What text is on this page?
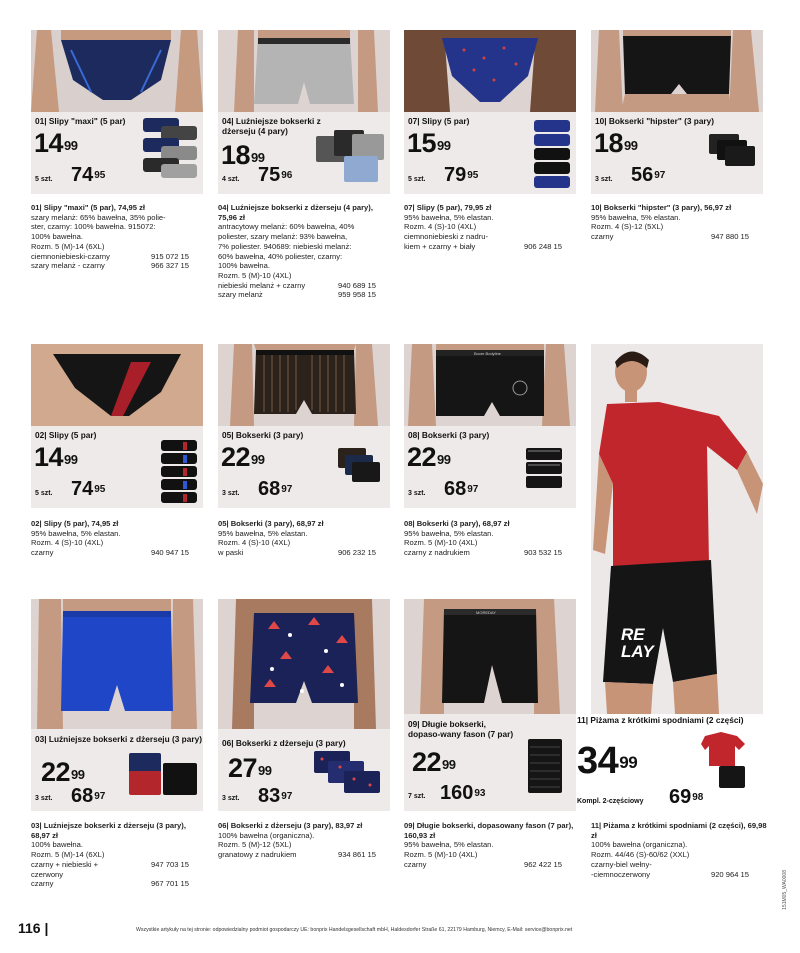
01| Slipy "maxi" (5 par)
$14^{99}$
5 szt. $74^{95}$
04| Luźniejsze bokserki z dżerseju (4 pary)
$18^{99}$
4 szt. $75^{96}$
07| Slipy (5 par)
$15^{99}$
5 szt. $79^{95}$
10| Bokserki "hipster" (3 pary)
$18^{99}$
3 szt. $56^{97}$
01| Slipy "maxi" (5 par), 74,95 zł
szary melanż: 65% bawełna, 35% polie-
ster, czarny: 100% bawełna. 915072:
100% bawełna.
Rozm. 5 (M)-14 (6XL)
ciemnoniebieski-czarny	915 072 15
szary melanż - czarny	966 327 15
04| Luźniejsze bokserki z dżerseju (4 pary), 75,96 zł
antracytowy melanż: 60% bawełna, 40%
poliester, szary melanż: 93% bawełna,
7% poliester. 940689: niebieski melanż:
60% bawełna, 40% poliester, czarny:
100% bawełna.
Rozm. 5 (M)-10 (4XL)
niebieski melanż + czarny	940 689 15
szary melanż	959 958 15
07| Slipy (5 par), 79,95 zł
95% bawełna, 5% elastan.
Rozm. 4 (S)-10 (4XL)
ciemnoniebieski z nadru-
kiem + czarny + biały	906 248 15
10| Bokserki "hipster" (3 pary), 56,97 zł
95% bawełna, 5% elastan.
Rozm. 4 (S)-12 (5XL)
czarny	947 880 15
02| Slipy (5 par)
$14^{99}$
5 szt. $74^{95}$
05| Bokserki (3 pary)
$22^{99}$
3 szt. $68^{97}$
Boxer Bodyline
08| Bokserki (3 pary)
$22^{99}$
3 szt. $68^{97}$
02| Slipy (5 par), 74,95 zł
95% bawełna, 5% elastan.
Rozm. 4 (S)-10 (4XL)
czarny	940 947 15
05| Bokserki (3 pary), 68,97 zł
95% bawełna, 5% elastan.
Rozm. 4 (S)-10 (4XL)
w paski	906 232 15
08| Bokserki (3 pary), 68,97 zł
95% bawełna, 5% elastan.
Rozm. 5 (M)-10 (4XL)
czarny z nadrukiem	903 532 15
03| Luźniejsze bokserki z dżerseju (3 pary)
$22^{99}$
3 szt. $68^{97}$
06| Bokserki z dżerseju (3 pary)
$27^{99}$
3 szt. $83^{97}$
MOREDAY
09| Długie bokserki, dopaso-wany fason (7 par)
$22^{99}$
7 szt. $160^{93}$
RE LAY
11| Piżama z krótkimi spodniami (2 części)
$34^{99}$
Kompl. 2-częściowy $69^{98}$
03| Luźniejsze bokserki z dżerseju (3 pary), 68,97 zł
100% bawełna.
Rozm. 5 (M)-14 (6XL)
czarny + niebieski +	947 703 15
czerwony
czarny	967 701 15
06| Bokserki z dżerseju (3 pary), 83,97 zł
100% bawełna (organiczna).
Rozm. 5 (M)-12 (5XL)
granatowy z nadrukiem	934 861 15
09| Długie bokserki, dopasowany fason (7 par), 160,93 zł
95% bawełna, 5% elastan.
Rozm. 5 (M)-10 (4XL)
czarny	962 422 15
11| Piżama z krótkimi spodniami (2 części), 69,98 zł
100% bawełna (organiczna).
Rozm. 44/46 (S)-60/62 (XXL)
czarny-biel wełny-
-ciemnoczerwony	920 964 15
116 |	Wszystkie artykuły na tej stronie: odpowiedzialny podmiot gospodarczy UE: bonprix Handelsgesellschaft mbH, Haldesdorfer Straße 61, 22179 Hamburg, Niemcy, E-Mail: service@bonprix.net
151M05_WA0008
